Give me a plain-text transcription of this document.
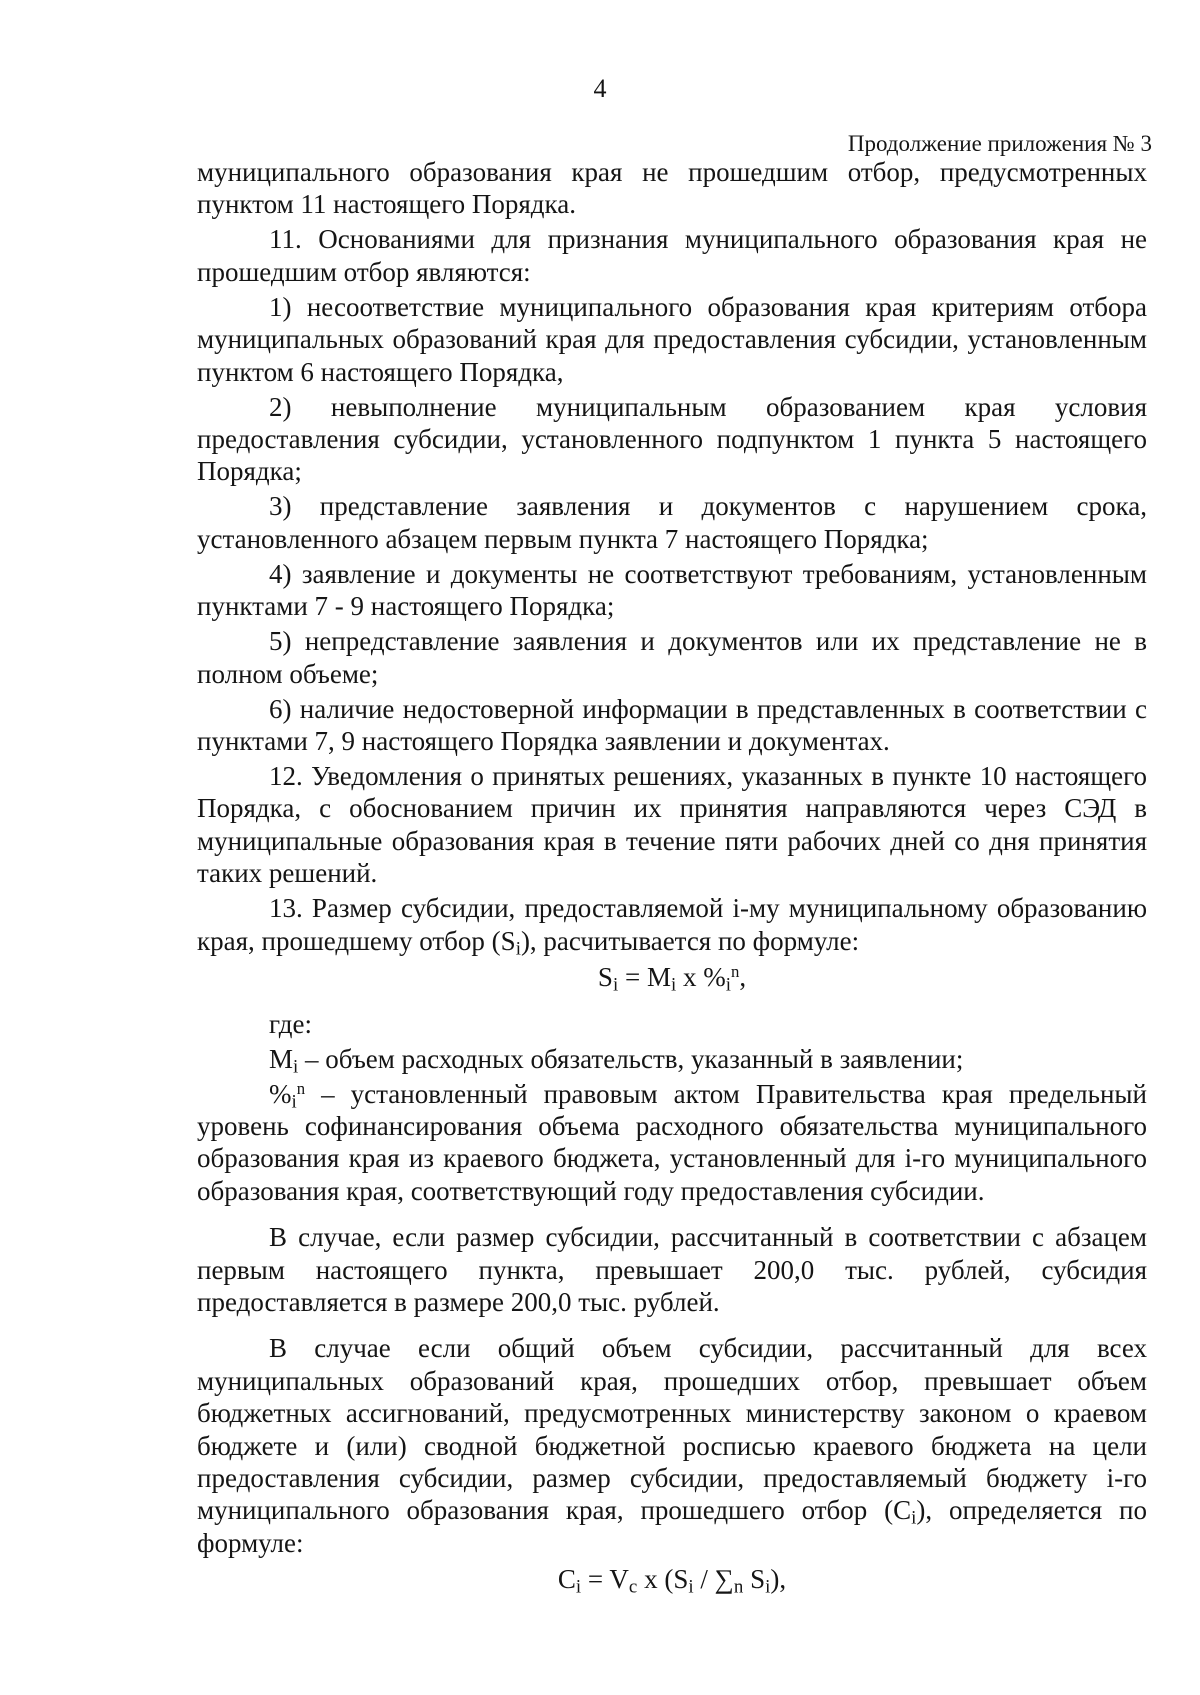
4
Продолжение приложения № 3

муниципального образования края не прошедшим отбор, предусмотренных пунктом 11 настоящего Порядка.

11. Основаниями для признания муниципального образования края не прошедшим отбор являются:

1) несоответствие муниципального образования края критериям отбора муниципальных образований края для предоставления субсидии, установленным пунктом 6 настоящего Порядка,

2) невыполнение муниципальным образованием края условия предоставления субсидии, установленного подпунктом 1 пункта 5 настоящего Порядка;

3) представление заявления и документов с нарушением срока, установленного абзацем первым пункта 7 настоящего Порядка;

4) заявление и документы не соответствуют требованиям, установленным пунктами 7 - 9 настоящего Порядка;

5) непредставление заявления и документов или их представление не в полном объеме;

6) наличие недостоверной информации в представленных в соответствии с пунктами 7, 9 настоящего Порядка заявлении и документах.

12. Уведомления о принятых решениях, указанных в пункте 10 настоящего Порядка, с обоснованием причин их принятия направляются через СЭД в муниципальные образования края в течение пяти рабочих дней со дня принятия таких решений.

13. Размер субсидии, предоставляемой i-му муниципальному образованию края, прошедшему отбор $(S_i)$, расчитывается по формуле:

$S_i = M_i$ x $\%_i^n$,

где:

$M_i$ – объем расходных обязательств, указанный в заявлении;

$\%_i^n$ – установленный правовым актом Правительства края предельный уровень софинансирования объема расходного обязательства муниципального образования края из краевого бюджета, установленный для i-го муниципального образования края, соответствующий году предоставления субсидии.

В случае, если размер субсидии, рассчитанный в соответствии с абзацем первым настоящего пункта, превышает 200,0 тыс. рублей, субсидия предоставляется в размере 200,0 тыс. рублей.

В случае если общий объем субсидии, рассчитанный для всех муниципальных образований края, прошедших отбор, превышает объем бюджетных ассигнований, предусмотренных министерству законом о краевом бюджете и (или) сводной бюджетной росписью краевого бюджета на цели предоставления субсидии, размер субсидии, предоставляемый бюджету i-го муниципального образования края, прошедшего отбор $(C_i)$, определяется по формуле:

$C_i = V_c$ x ($S_i / \sum_n$ $S_i$),
